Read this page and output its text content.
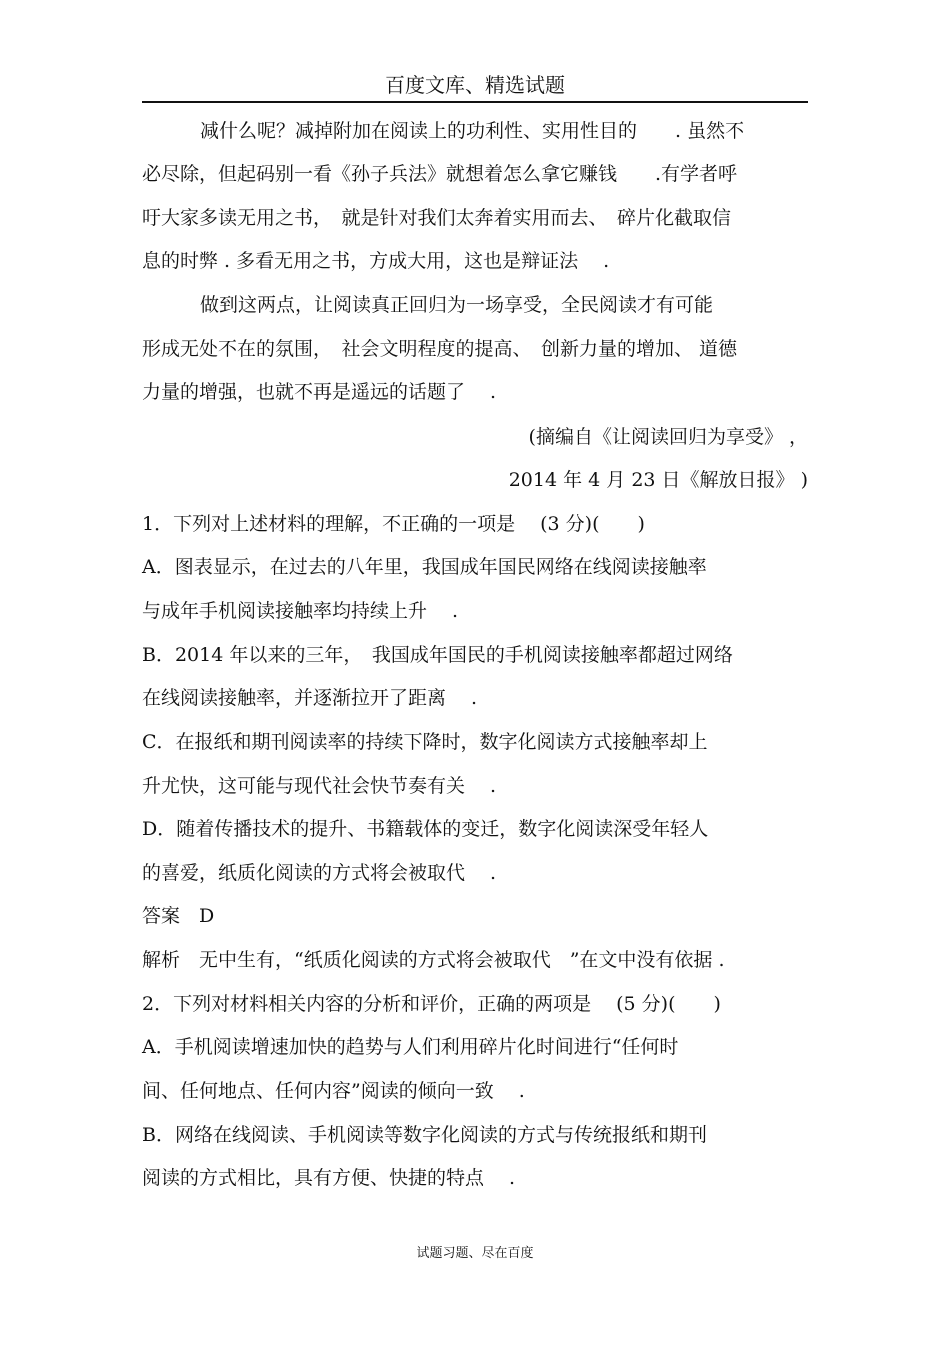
百度文库、精选试题
减什么呢？减掉附加在阅读上的功利性、实用性目的　　. 虽然不
必尽除，但起码别一看《孙子兵法》就想着怎么拿它赚钱　　.有学者呼
吁大家多读无用之书，　就是针对我们太奔着实用而去、　碎片化截取信
息的时弊 . 多看无用之书，方成大用，这也是辩证法　 .
做到这两点，让阅读真正回归为一场享受，全民阅读才有可能
形成无处不在的氛围，　社会文明程度的提高、　创新力量的增加、 道德
力量的增强，也就不再是遥远的话题了　 .
(摘编自《让阅读回归为享受》 ，
2014 年 4 月 23 日《解放日报》 )
1．下列对上述材料的理解，不正确的一项是　 (3 分)(　　)
A．图表显示，在过去的八年里，我国成年国民网络在线阅读接触率
与成年手机阅读接触率均持续上升　 .
B．2014 年以来的三年，　我国成年国民的手机阅读接触率都超过网络
在线阅读接触率，并逐渐拉开了距离　 .
C．在报纸和期刊阅读率的持续下降时，数字化阅读方式接触率却上
升尤快，这可能与现代社会快节奏有关　 .
D．随着传播技术的提升、书籍载体的变迁，数字化阅读深受年轻人
的喜爱，纸质化阅读的方式将会被取代　 .
答案　D
解析　无中生有，“纸质化阅读的方式将会被取代　”在文中没有依据 .
2．下列对材料相关内容的分析和评价，正确的两项是　 (5 分)(　　)
A．手机阅读增速加快的趋势与人们利用碎片化时间进行“任何时
间、任何地点、任何内容”阅读的倾向一致　 .
B．网络在线阅读、手机阅读等数字化阅读的方式与传统报纸和期刊
阅读的方式相比，具有方便、快捷的特点　 .
试题习题、尽在百度
